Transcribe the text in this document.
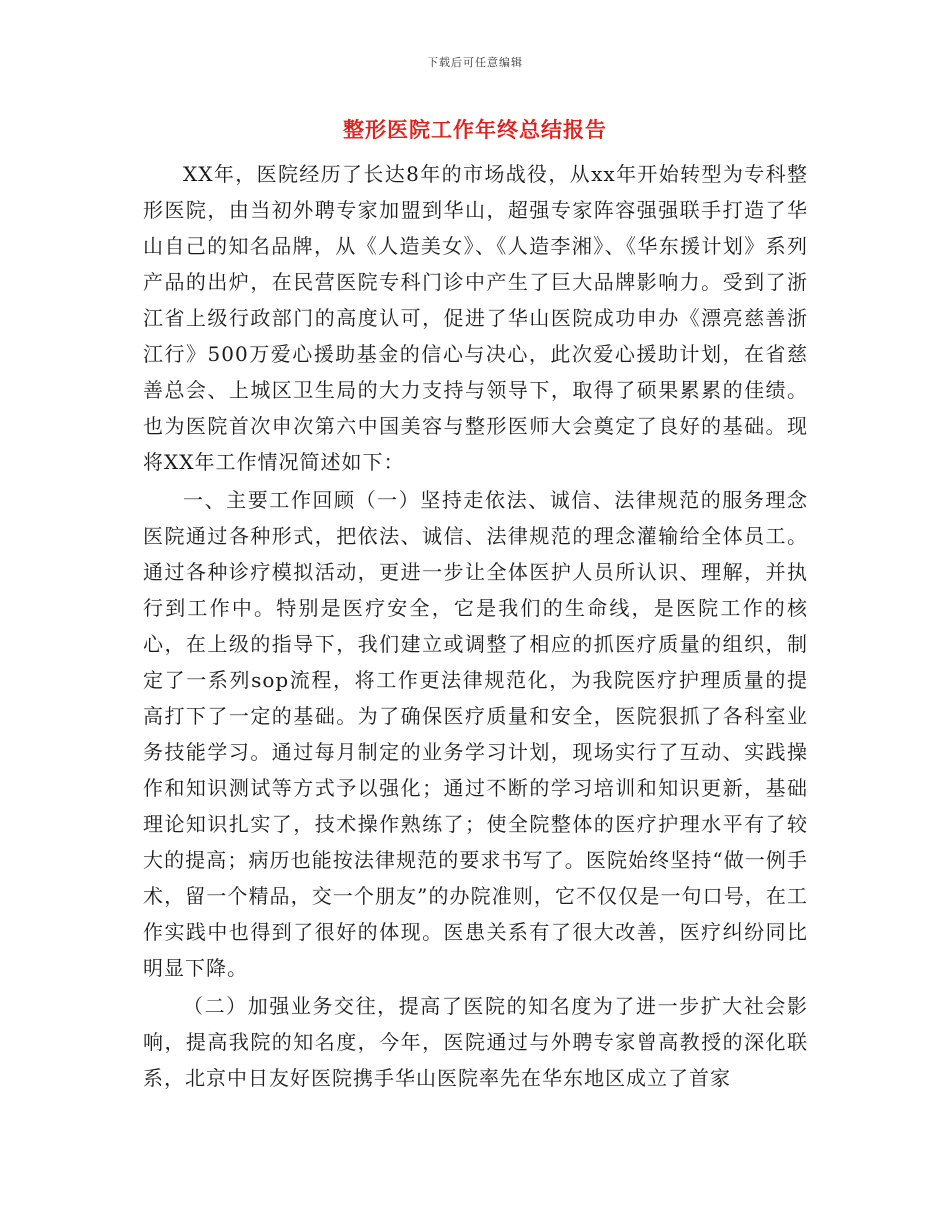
下载后可任意编辑
整形医院工作年终总结报告

XX年，医院经历了长达8年的市场战役，从xx年开始转型为专科整形医院，由当初外聘专家加盟到华山，超强专家阵容强强联手打造了华山自己的知名品牌，从《人造美女》、《人造李湘》、《华东援计划》系列产品的出炉，在民营医院专科门诊中产生了巨大品牌影响力。受到了浙江省上级行政部门的高度认可，促进了华山医院成功申办《漂亮慈善浙江行》500万爱心援助基金的信心与决心，此次爱心援助计划，在省慈善总会、上城区卫生局的大力支持与领导下，取得了硕果累累的佳绩。也为医院首次申次第六中国美容与整形医师大会奠定了良好的基础。现将XX年工作情况简述如下：

一、主要工作回顾（一）坚持走依法、诚信、法律规范的服务理念医院通过各种形式，把依法、诚信、法律规范的理念灌输给全体员工。通过各种诊疗模拟活动，更进一步让全体医护人员所认识、理解，并执行到工作中。特别是医疗安全，它是我们的生命线，是医院工作的核心，在上级的指导下，我们建立或调整了相应的抓医疗质量的组织，制定了一系列sop流程，将工作更法律规范化，为我院医疗护理质量的提高打下了一定的基础。为了确保医疗质量和安全，医院狠抓了各科室业务技能学习。通过每月制定的业务学习计划，现场实行了互动、实践操作和知识测试等方式予以强化；通过不断的学习培训和知识更新，基础理论知识扎实了，技术操作熟练了；使全院整体的医疗护理水平有了较大的提高；病历也能按法律规范的要求书写了。医院始终坚持“做一例手术，留一个精品，交一个朋友”的办院准则，它不仅仅是一句口号，在工作实践中也得到了很好的体现。医患关系有了很大改善，医疗纠纷同比明显下降。

（二）加强业务交往，提高了医院的知名度为了进一步扩大社会影响，提高我院的知名度，今年，医院通过与外聘专家曾高教授的深化联系，北京中日友好医院携手华山医院率先在华东地区成立了首家
